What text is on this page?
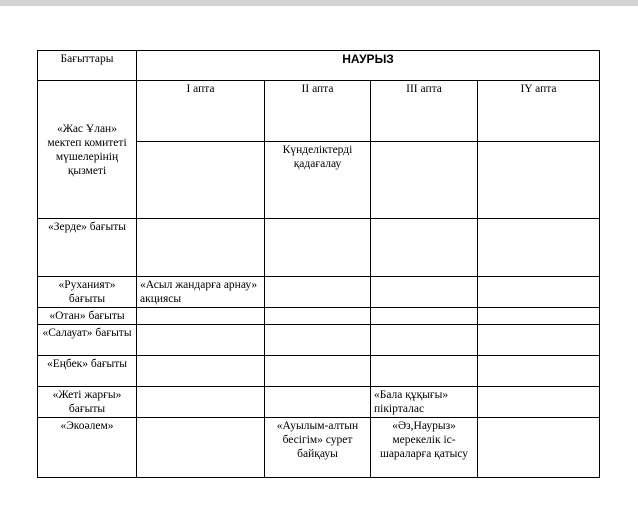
Бағыттары	НАУРЫЗ			
«Жас Ұлан» мектеп комитеті мүшелерінің қызметі	I апта	II апта	III апта	IY апта
		Күнделіктерді қадағалау		
«Зерде» бағыты				
«Руханият» бағыты	«Асыл жандарға арнау» акциясы			
«Отан» бағыты				
«Салауат» бағыты				
«Еңбек» бағыты				
«Жеті жарғы» бағыты			«Бала құқығы» пікірталас	
«Экоәлем»		«Ауылым-алтын бесігім» сурет байқауы	«Әз,Наурыз» мерекелік іс-шараларға қатысу	
